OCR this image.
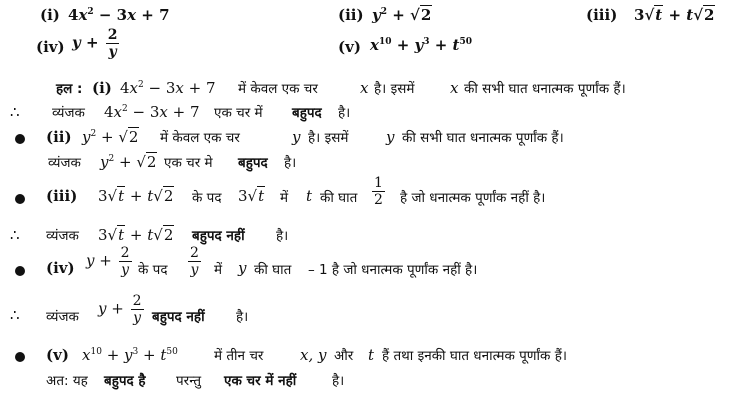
(i) $4x^2 - 3x + 7$	(ii) $y^2 + √2$	(iii) 3√t + t√2
(iv) $y + \frac{2}{y}$	(v) $x^{10} + y^3 + t^{50}$
हल : (i) $4x^2 - 3x + 7$ में केवल एक चर	x है। इसमें x की सभी घात धनात्मक पूर्णांक हैं।
∴ व्यंजक $4x^2 - 3x + 7$ एक चर में बहुपद है।
(ii) $y^2 + √2$ में केवल एक चर	y है। इसमें	y की सभी घात धनात्मक पूर्णांक हैं।
व्यंजक $y^2 + √2$ एक चर मे बहुपद है।
(iii) 3√t + t√2 के पद 3√t में t की घात $\frac{1}{2}$ है जो धनात्मक पूर्णांक नहीं है।
∴ व्यंजक 3√t + t√2 बहुपद नहीं है।
(iv) $y + \frac{2}{y}$ के पद $\frac{2}{y}$ में y की घात – 1 है जो धनात्मक पूर्णांक नहीं है।
∴ व्यंजक $y + \frac{2}{y}$ बहुपद नहीं है।
(v) $x^{10} + y^3 + t^{50}$	में तीन चर x, y और t हैं तथा इनकी घात धनात्मक पूर्णांक हैं।
अत: यह बहुपद है परन्तु एक चर में नहीं	है।
